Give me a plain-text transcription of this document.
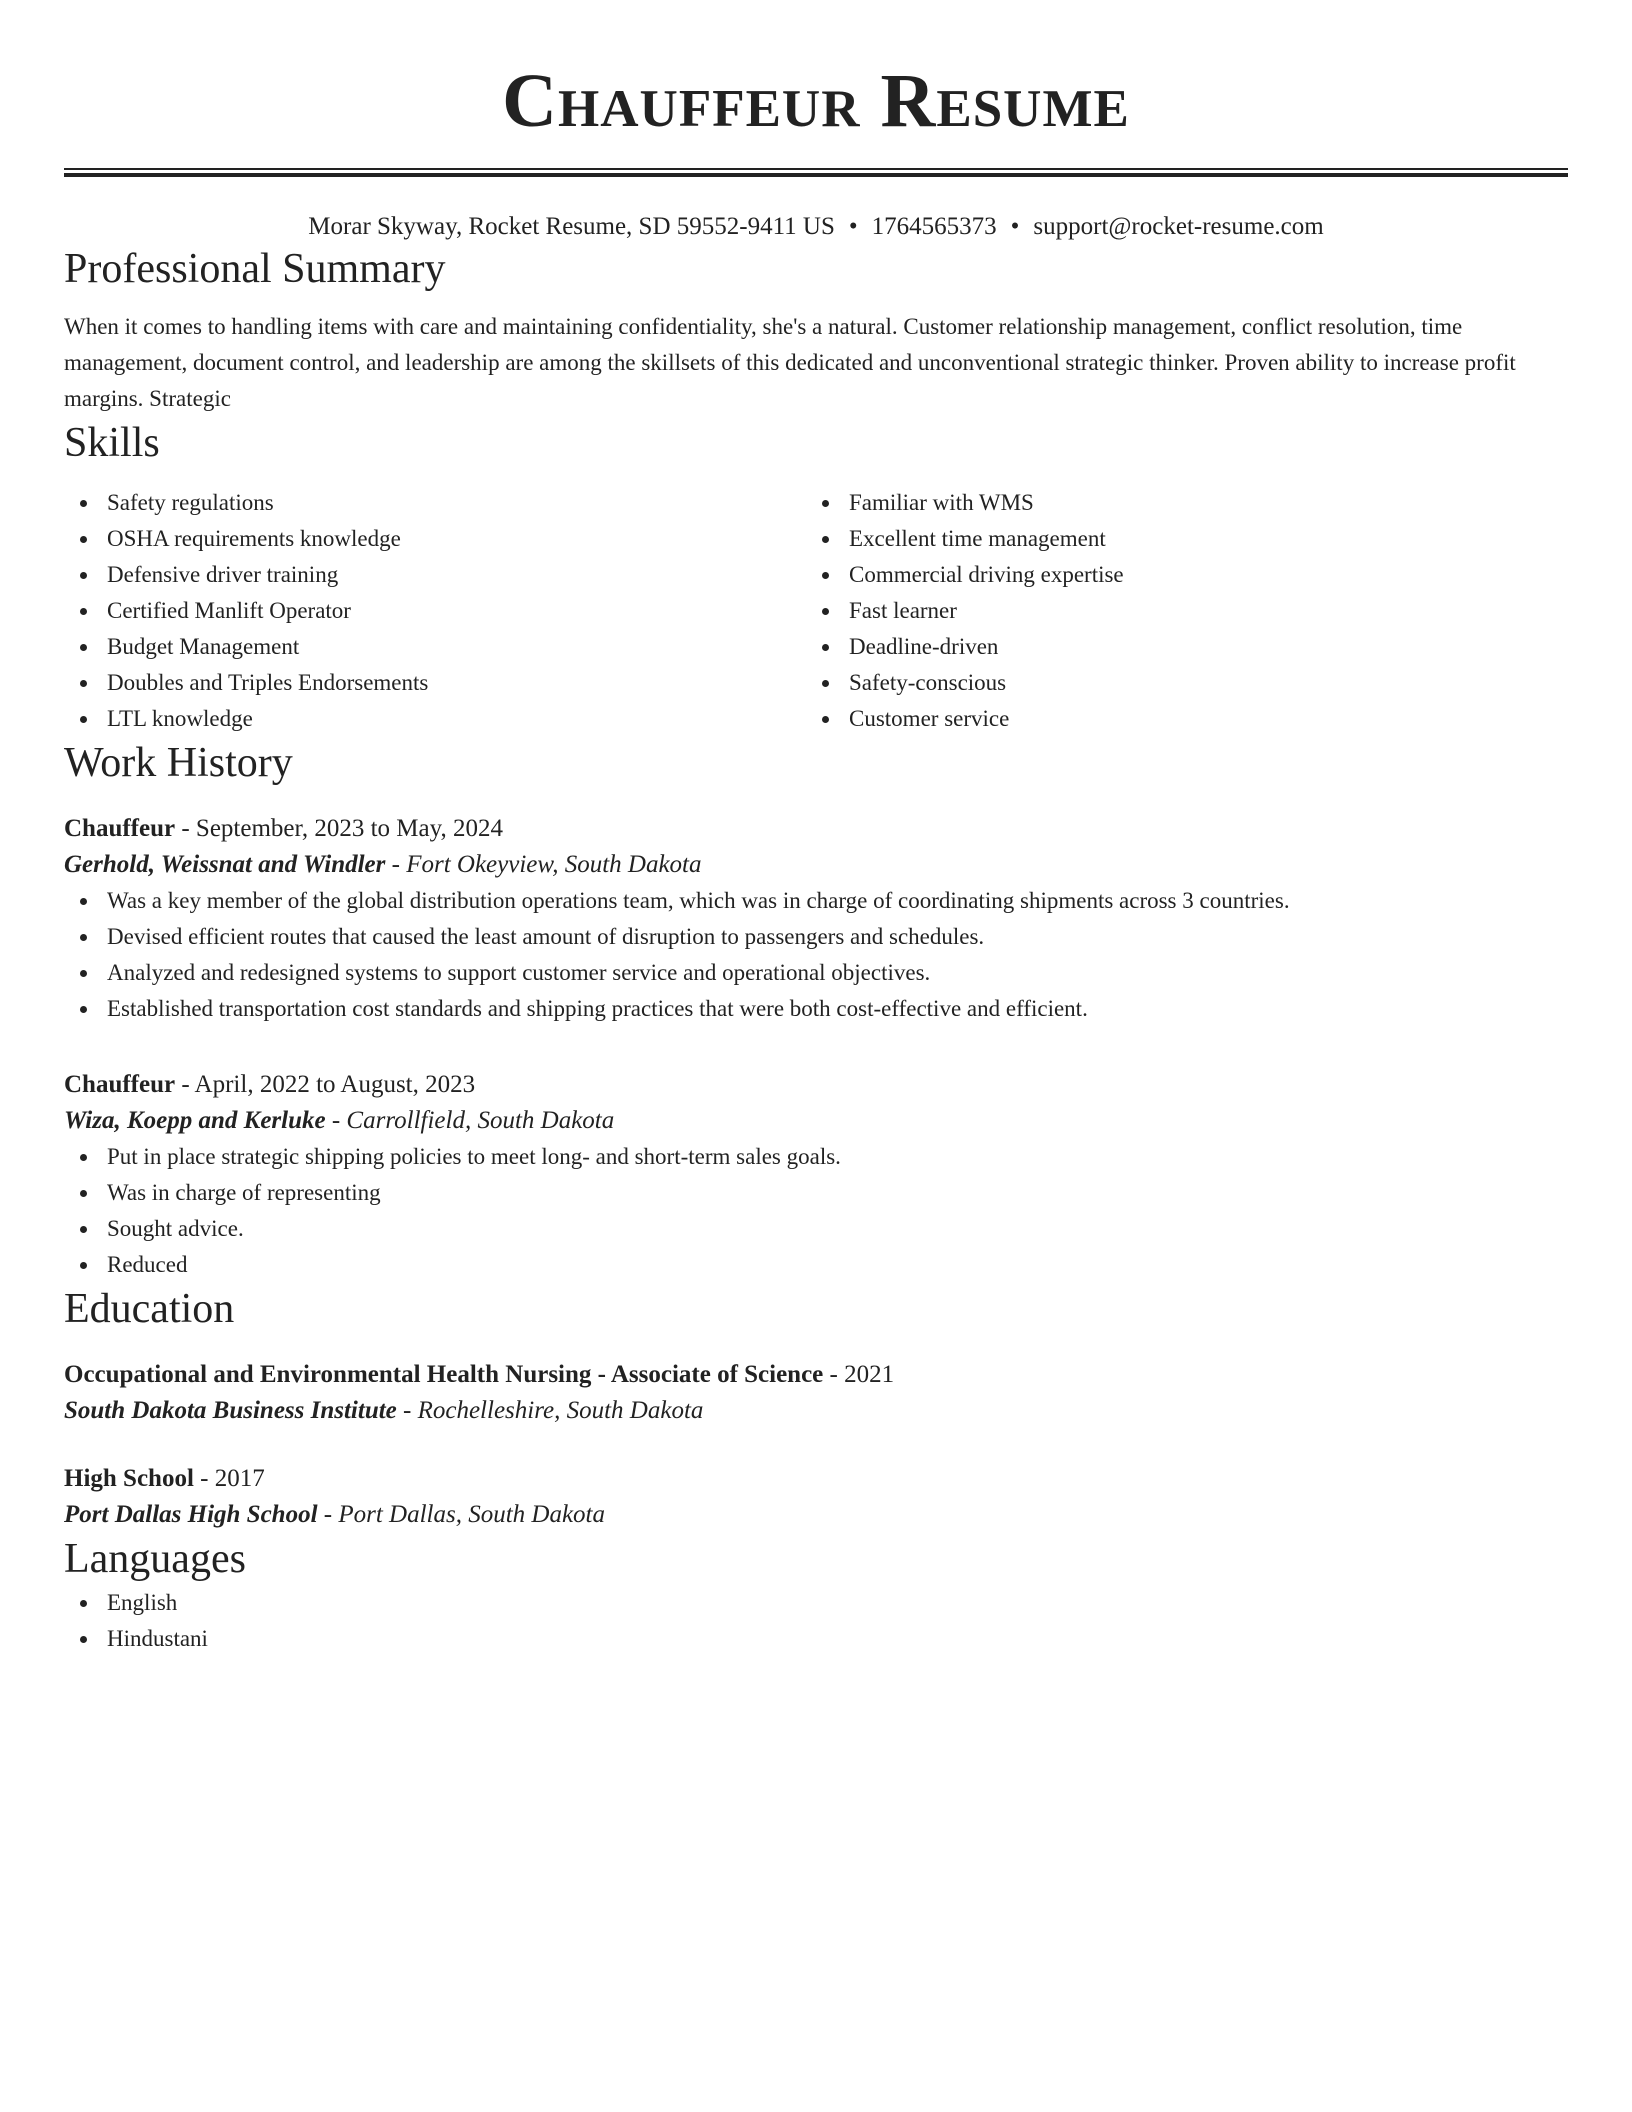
Chauffeur Resume
Morar Skyway, Rocket Resume, SD 59552-9411 US • 1764565373 • support@rocket-resume.com
Professional Summary
When it comes to handling items with care and maintaining confidentiality, she's a natural. Customer relationship management, conflict resolution, time management, document control, and leadership are among the skillsets of this dedicated and unconventional strategic thinker. Proven ability to increase profit margins. Strategic
Skills
Safety regulations
OSHA requirements knowledge
Defensive driver training
Certified Manlift Operator
Budget Management
Doubles and Triples Endorsements
LTL knowledge
Familiar with WMS
Excellent time management
Commercial driving expertise
Fast learner
Deadline-driven
Safety-conscious
Customer service
Work History
Chauffeur - September, 2023 to May, 2024
Gerhold, Weissnat and Windler - Fort Okeyview, South Dakota
Was a key member of the global distribution operations team, which was in charge of coordinating shipments across 3 countries.
Devised efficient routes that caused the least amount of disruption to passengers and schedules.
Analyzed and redesigned systems to support customer service and operational objectives.
Established transportation cost standards and shipping practices that were both cost-effective and efficient.
Chauffeur - April, 2022 to August, 2023
Wiza, Koepp and Kerluke - Carrollfield, South Dakota
Put in place strategic shipping policies to meet long- and short-term sales goals.
Was in charge of representing
Sought advice.
Reduced
Education
Occupational and Environmental Health Nursing - Associate of Science - 2021
South Dakota Business Institute - Rochelleshire, South Dakota
High School - 2017
Port Dallas High School - Port Dallas, South Dakota
Languages
English
Hindustani
